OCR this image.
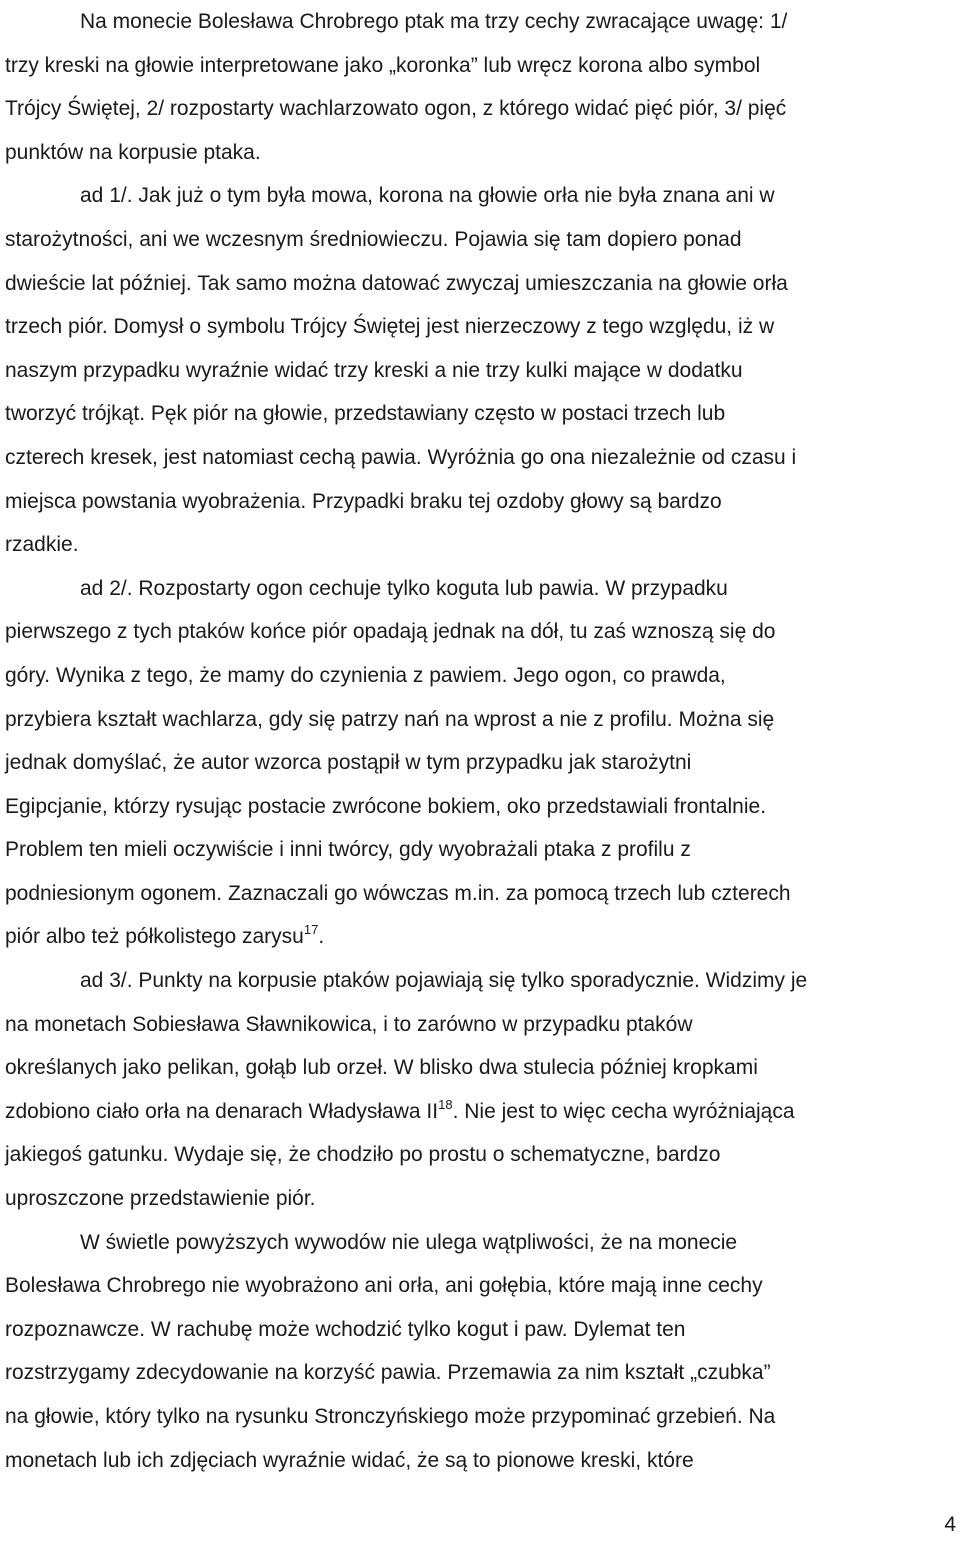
Na monecie Bolesława Chrobrego ptak ma trzy cechy zwracające uwagę: 1/
trzy kreski na głowie interpretowane jako „koronka” lub wręcz korona albo symbol
Trójcy Świętej, 2/ rozpostarty wachlarzowato ogon, z którego widać pięć piór, 3/ pięć
punktów na korpusie ptaka.
ad 1/. Jak już o tym była mowa, korona na głowie orła nie była znana ani w
starożytności, ani we wczesnym średniowieczu. Pojawia się tam dopiero ponad
dwieście lat później. Tak samo można datować zwyczaj umieszczania na głowie orła
trzech piór. Domysł o symbolu Trójcy Świętej jest nierzeczowy z tego względu, iż w
naszym przypadku wyraźnie widać trzy kreski a nie trzy kulki mające w dodatku
tworzyć trójkąt. Pęk piór na głowie, przedstawiany często w postaci trzech lub
czterech kresek, jest natomiast cechą pawia. Wyróżnia go ona niezależnie od czasu i
miejsca powstania wyobrażenia. Przypadki braku tej ozdoby głowy są bardzo
rzadkie.
ad 2/. Rozpostarty ogon cechuje tylko koguta lub pawia. W przypadku
pierwszego z tych ptaków końce piór opadają jednak na dół, tu zaś wznoszą się do
góry. Wynika z tego, że mamy do czynienia z pawiem. Jego ogon, co prawda,
przybiera kształt wachlarza, gdy się patrzy nań na wprost a nie z profilu. Można się
jednak domyślać, że autor wzorca postąpił w tym przypadku jak starożytni
Egipcjanie, którzy rysując postacie zwrócone bokiem, oko przedstawiali frontalnie.
Problem ten mieli oczywiście i inni twórcy, gdy wyobrażali ptaka z profilu z
podniesionym ogonem. Zaznaczali go wówczas m.in. za pomocą trzech lub czterech
piór albo też półkolistego zarysu$^{17}$.
ad 3/. Punkty na korpusie ptaków pojawiają się tylko sporadycznie. Widzimy je
na monetach Sobiesława Sławnikowica, i to zarówno w przypadku ptaków
określanych jako pelikan, gołąb lub orzeł. W blisko dwa stulecia później kropkami
zdobiono ciało orła na denarach Władysława II$^{18}$. Nie jest to więc cecha wyróżniająca
jakiegoś gatunku. Wydaje się, że chodziło po prostu o schematyczne, bardzo
uproszczone przedstawienie piór.
W świetle powyższych wywodów nie ulega wątpliwości, że na monecie
Bolesława Chrobrego nie wyobrażono ani orła, ani gołębia, które mają inne cechy
rozpoznawcze. W rachubę może wchodzić tylko kogut i paw. Dylemat ten
rozstrzygamy zdecydowanie na korzyść pawia. Przemawia za nim kształt „czubka”
na głowie, który tylko na rysunku Stronczyńskiego może przypominać grzebień. Na
monetach lub ich zdjęciach wyraźnie widać, że są to pionowe kreski, które
4
